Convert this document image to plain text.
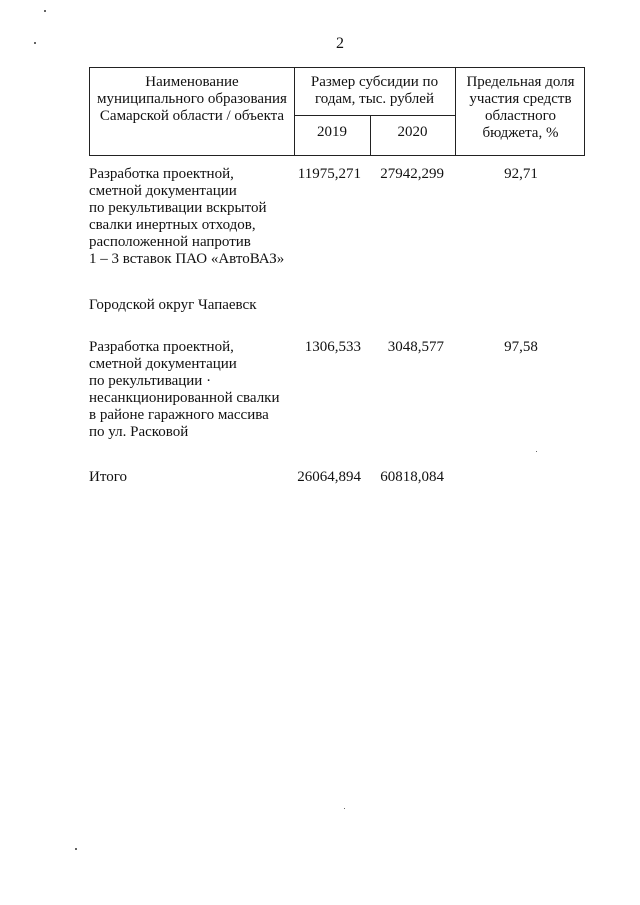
2
Наименование
муниципального образования
Самарской области / объекта
Размер субсидии по
годам, тыс. рублей
2019	2020
Предельная доля
участия средств
областного
бюджета, %
Разработка проектной,
сметной документации
по рекультивации вскрытой
свалки инертных отходов,
расположенной напротив
1 – 3 вставок ПАО «АвтоВАЗ»
11975,271	27942,299	92,71
Городской округ Чапаевск
Разработка проектной,
сметной документации
по рекультивации ·
несанкционированной свалки
в районе гаражного массива
по ул. Расковой
1306,533	3048,577	97,58
Итого	26064,894	60818,084
